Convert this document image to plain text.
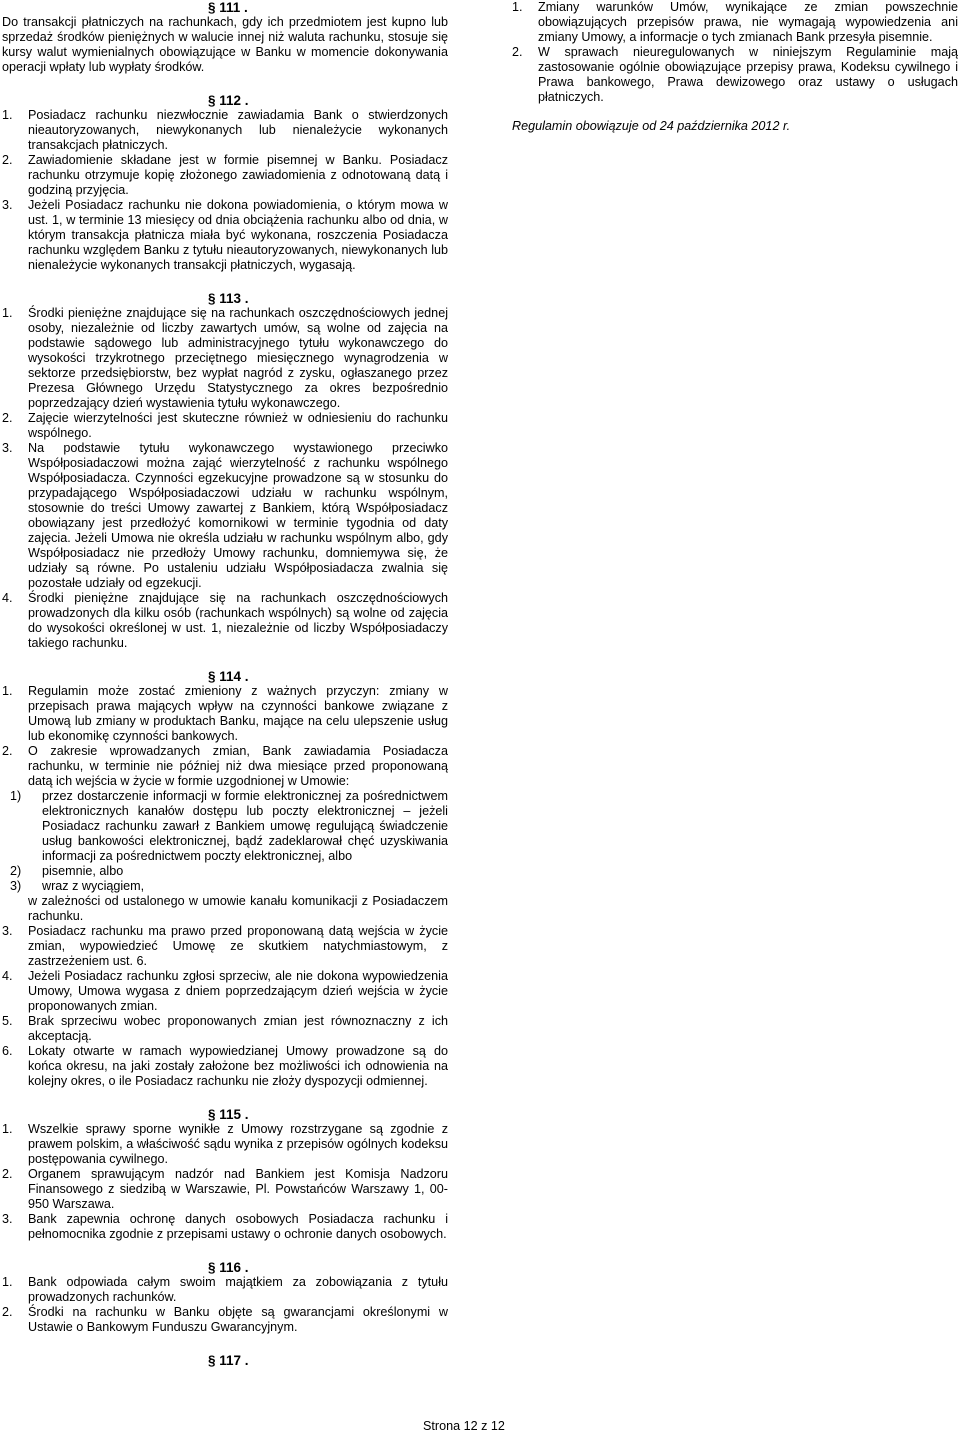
§ 111 .

Do transakcji płatniczych na rachunkach, gdy ich przedmiotem jest kupno lub sprzedaż środków pieniężnych w walucie innej niż waluta rachunku, stosuje się kursy walut wymienialnych obowiązujące w Banku w momencie dokonywania operacji wpłaty lub wypłaty środków.

§ 112 .
1.	Posiadacz rachunku niezwłocznie zawiadamia Bank o stwierdzonych nieautoryzowanych, niewykonanych lub nienależycie wykonanych transakcjach płatniczych.
2.	Zawiadomienie składane jest w formie pisemnej w Banku. Posiadacz rachunku otrzymuje kopię złożonego zawiadomienia z odnotowaną datą i godziną przyjęcia.
3.	Jeżeli Posiadacz rachunku nie dokona powiadomienia, o którym mowa w ust. 1, w terminie 13 miesięcy od dnia obciążenia rachunku albo od dnia, w którym transakcja płatnicza miała być wykonana, roszczenia Posiadacza rachunku względem Banku z tytułu nieautoryzowanych, niewykonanych lub nienależycie wykonanych transakcji płatniczych, wygasają.
§ 113 .
1.	Środki pieniężne znajdujące się na rachunkach oszczędnościowych jednej osoby, niezależnie od liczby zawartych umów, są wolne od zajęcia na podstawie sądowego lub administracyjnego tytułu wykonawczego do wysokości trzykrotnego przeciętnego miesięcznego wynagrodzenia w sektorze przedsiębiorstw, bez wypłat nagród z zysku, ogłaszanego przez Prezesa Głównego Urzędu Statystycznego za okres bezpośrednio poprzedzający dzień wystawienia tytułu wykonawczego.
2.	Zajęcie wierzytelności jest skuteczne również w odniesieniu do rachunku wspólnego.
3.	Na podstawie tytułu wykonawczego wystawionego przeciwko Współposiadaczowi można zająć wierzytelność z rachunku wspólnego Współposiadacza. Czynności egzekucyjne prowadzone są w stosunku do przypadającego Współposiadaczowi udziału w rachunku wspólnym, stosownie do treści Umowy zawartej z Bankiem, którą Współposiadacz obowiązany jest przedłożyć komornikowi w terminie tygodnia od daty zajęcia. Jeżeli Umowa nie określa udziału w rachunku wspólnym albo, gdy Współposiadacz nie przedłoży Umowy rachunku, domniemywa się, że udziały są równe. Po ustaleniu udziału Współposiadacza zwalnia się pozostałe udziały od egzekucji.
4.	Środki pieniężne znajdujące się na rachunkach oszczędnościowych prowadzonych dla kilku osób (rachunkach wspólnych) są wolne od zajęcia do wysokości określonej w ust. 1, niezależnie od liczby Współposiadaczy takiego rachunku.
§ 114 .
1.	Regulamin może zostać zmieniony z ważnych przyczyn: zmiany w przepisach prawa mających wpływ na czynności bankowe związane z Umową lub zmiany w produktach Banku, mające na celu ulepszenie usług lub ekonomikę czynności bankowych.
2.	O zakresie wprowadzanych zmian, Bank zawiadamia Posiadacza rachunku, w terminie nie później niż dwa miesiące przed proponowaną datą ich wejścia w życie w formie uzgodnionej w Umowie:
1)	przez dostarczenie informacji w formie elektronicznej za pośrednictwem elektronicznych kanałów dostępu lub poczty elektronicznej – jeżeli Posiadacz rachunku zawarł z Bankiem umowę regulującą świadczenie usług bankowości elektronicznej, bądź zadeklarował chęć uzyskiwania informacji za pośrednictwem poczty elektronicznej, albo
2)	pisemnie, albo
3)	wraz z wyciągiem,

w zależności od ustalonego w umowie kanału komunikacji z Posiadaczem rachunku.

3.	Posiadacz rachunku ma prawo przed proponowaną datą wejścia w życie zmian, wypowiedzieć Umowę ze skutkiem natychmiastowym, z zastrzeżeniem ust. 6.
4.	Jeżeli Posiadacz rachunku zgłosi sprzeciw, ale nie dokona wypowiedzenia Umowy, Umowa wygasa z dniem poprzedzającym dzień wejścia w życie proponowanych zmian.
5.	Brak sprzeciwu wobec proponowanych zmian jest równoznaczny z ich akceptacją.
6.	Lokaty otwarte w ramach wypowiedzianej Umowy prowadzone są do końca okresu, na jaki zostały założone bez możliwości ich odnowienia na kolejny okres, o ile Posiadacz rachunku nie złoży dyspozycji odmiennej.
§ 115 .
1.	Wszelkie sprawy sporne wynikłe z Umowy rozstrzygane są zgodnie z prawem polskim, a właściwość sądu wynika z przepisów ogólnych kodeksu postępowania cywilnego.
2.	Organem sprawującym nadzór nad Bankiem jest Komisja Nadzoru Finansowego z siedzibą w Warszawie, Pl. Powstańców Warszawy 1, 00-950 Warszawa.
3.	Bank zapewnia ochronę danych osobowych Posiadacza rachunku i pełnomocnika zgodnie z przepisami ustawy o ochronie danych osobowych.
§ 116 .
1.	Bank odpowiada całym swoim majątkiem za zobowiązania z tytułu prowadzonych rachunków.
2.	Środki na rachunku w Banku objęte są gwarancjami określonymi w Ustawie o Bankowym Funduszu Gwarancyjnym.
§ 117 .
1.	Zmiany warunków Umów, wynikające ze zmian powszechnie obowiązujących przepisów prawa, nie wymagają wypowiedzenia ani zmiany Umowy, a informacje o tych zmianach Bank przesyła pisemnie.
2.	W sprawach nieuregulowanych w niniejszym Regulaminie mają zastosowanie ogólnie obowiązujące przepisy prawa, Kodeksu cywilnego i Prawa bankowego, Prawa dewizowego oraz ustawy o usługach płatniczych.

Regulamin obowiązuje od 24 października 2012 r.

Strona 12 z 12
